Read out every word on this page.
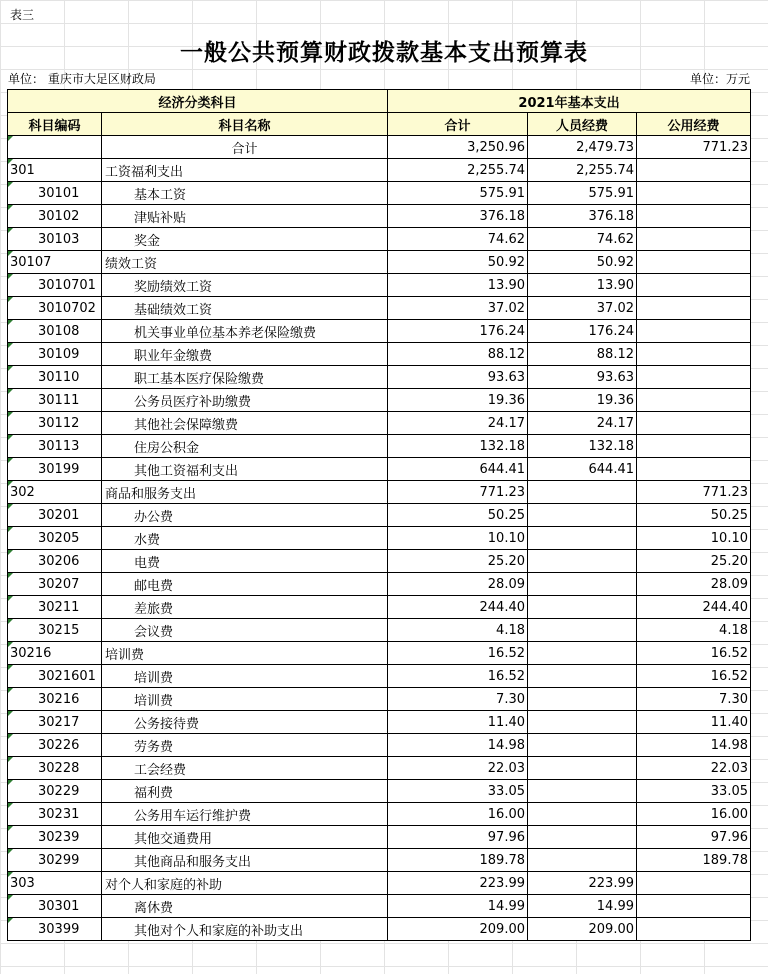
表三
一般公共预算财政拨款基本支出预算表
单位： 重庆市大足区财政局	单位：万元
经济分类科目		2021年基本支出		
科目编码	科目名称	合计	人员经费	公用经费
	合计	3,250.96	2,479.73	771.23
301	工资福利支出	2,255.74	2,255.74	
30101	基本工资	575.91	575.91	
30102	津贴补贴	376.18	376.18	
30103	奖金	74.62	74.62	
30107	绩效工资	50.92	50.92	
3010701	奖励绩效工资	13.90	13.90	
3010702	基础绩效工资	37.02	37.02	
30108	机关事业单位基本养老保险缴费	176.24	176.24	
30109	职业年金缴费	88.12	88.12	
30110	职工基本医疗保险缴费	93.63	93.63	
30111	公务员医疗补助缴费	19.36	19.36	
30112	其他社会保障缴费	24.17	24.17	
30113	住房公积金	132.18	132.18	
30199	其他工资福利支出	644.41	644.41	
302	商品和服务支出	771.23		771.23
30201	办公费	50.25		50.25
30205	水费	10.10		10.10
30206	电费	25.20		25.20
30207	邮电费	28.09		28.09
30211	差旅费	244.40		244.40
30215	会议费	4.18		4.18
30216	培训费	16.52		16.52
3021601	培训费	16.52		16.52
30216	培训费	7.30		7.30
30217	公务接待费	11.40		11.40
30226	劳务费	14.98		14.98
30228	工会经费	22.03		22.03
30229	福利费	33.05		33.05
30231	公务用车运行维护费	16.00		16.00
30239	其他交通费用	97.96		97.96
30299	其他商品和服务支出	189.78		189.78
303	对个人和家庭的补助	223.99	223.99	
30301	离休费	14.99	14.99	
30399	其他对个人和家庭的补助支出	209.00	209.00	
